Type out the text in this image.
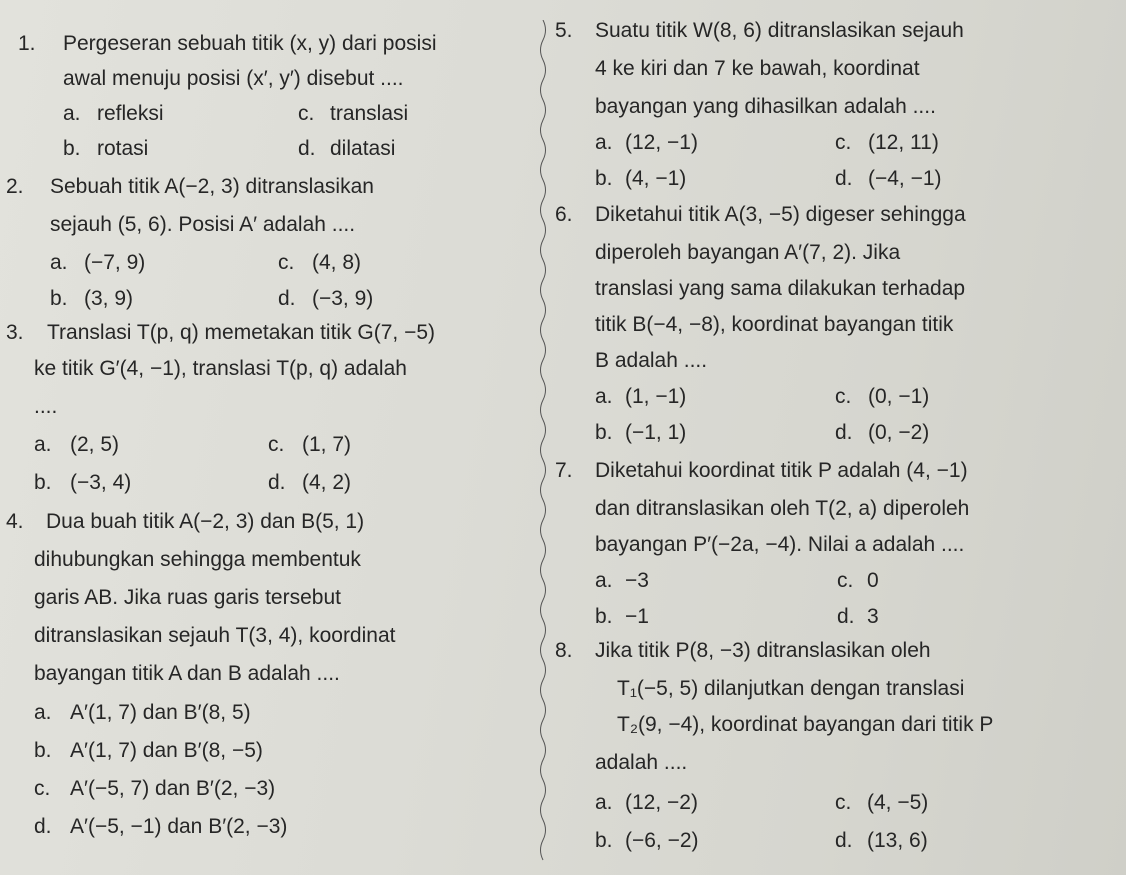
1. Pergeseran sebuah titik (x, y) dari posisi
awal menuju posisi (x′, y′) disebut ....
a. refleksi	c. translasi
b. rotasi	d. dilatasi
2. Sebuah titik A(−2, 3) ditranslasikan
sejauh (5, 6). Posisi A′ adalah ....
a. (−7, 9)	c. (4, 8)
b. (3, 9)	d. (−3, 9)
3. Translasi T(p, q) memetakan titik G(7, −5)
ke titik G′(4, −1), translasi T(p, q) adalah
....
a. (2, 5)	c. (1, 7)
b. (−3, 4)	d. (4, 2)
4. Dua buah titik A(−2, 3) dan B(5, 1)
dihubungkan sehingga membentuk
garis AB. Jika ruas garis tersebut
ditranslasikan sejauh T(3, 4), koordinat
bayangan titik A dan B adalah ....
a. A′(1, 7) dan B′(8, 5)
b. A′(1, 7) dan B′(8, −5)
c. A′(−5, 7) dan B′(2, −3)
d. A′(−5, −1) dan B′(2, −3)
5. Suatu titik W(8, 6) ditranslasikan sejauh
4 ke kiri dan 7 ke bawah, koordinat
bayangan yang dihasilkan adalah ....
a. (12, −1)	c. (12, 11)
b. (4, −1)	d. (−4, −1)
6. Diketahui titik A(3, −5) digeser sehingga
diperoleh bayangan A′(7, 2). Jika
translasi yang sama dilakukan terhadap
titik B(−4, −8), koordinat bayangan titik
B adalah ....
a. (1, −1)	c. (0, −1)
b. (−1, 1)	d. (0, −2)
7. Diketahui koordinat titik P adalah (4, −1)
dan ditranslasikan oleh T(2, a) diperoleh
bayangan P′(−2a, −4). Nilai a adalah ....
a. −3	c. 0
b. −1	d. 3
8. Jika titik P(8, −3) ditranslasikan oleh
T₁(−5, 5) dilanjutkan dengan translasi
T₂(9, −4), koordinat bayangan dari titik P
adalah ....
a. (12, −2)	c. (4, −5)
b. (−6, −2)	d. (13, 6)
